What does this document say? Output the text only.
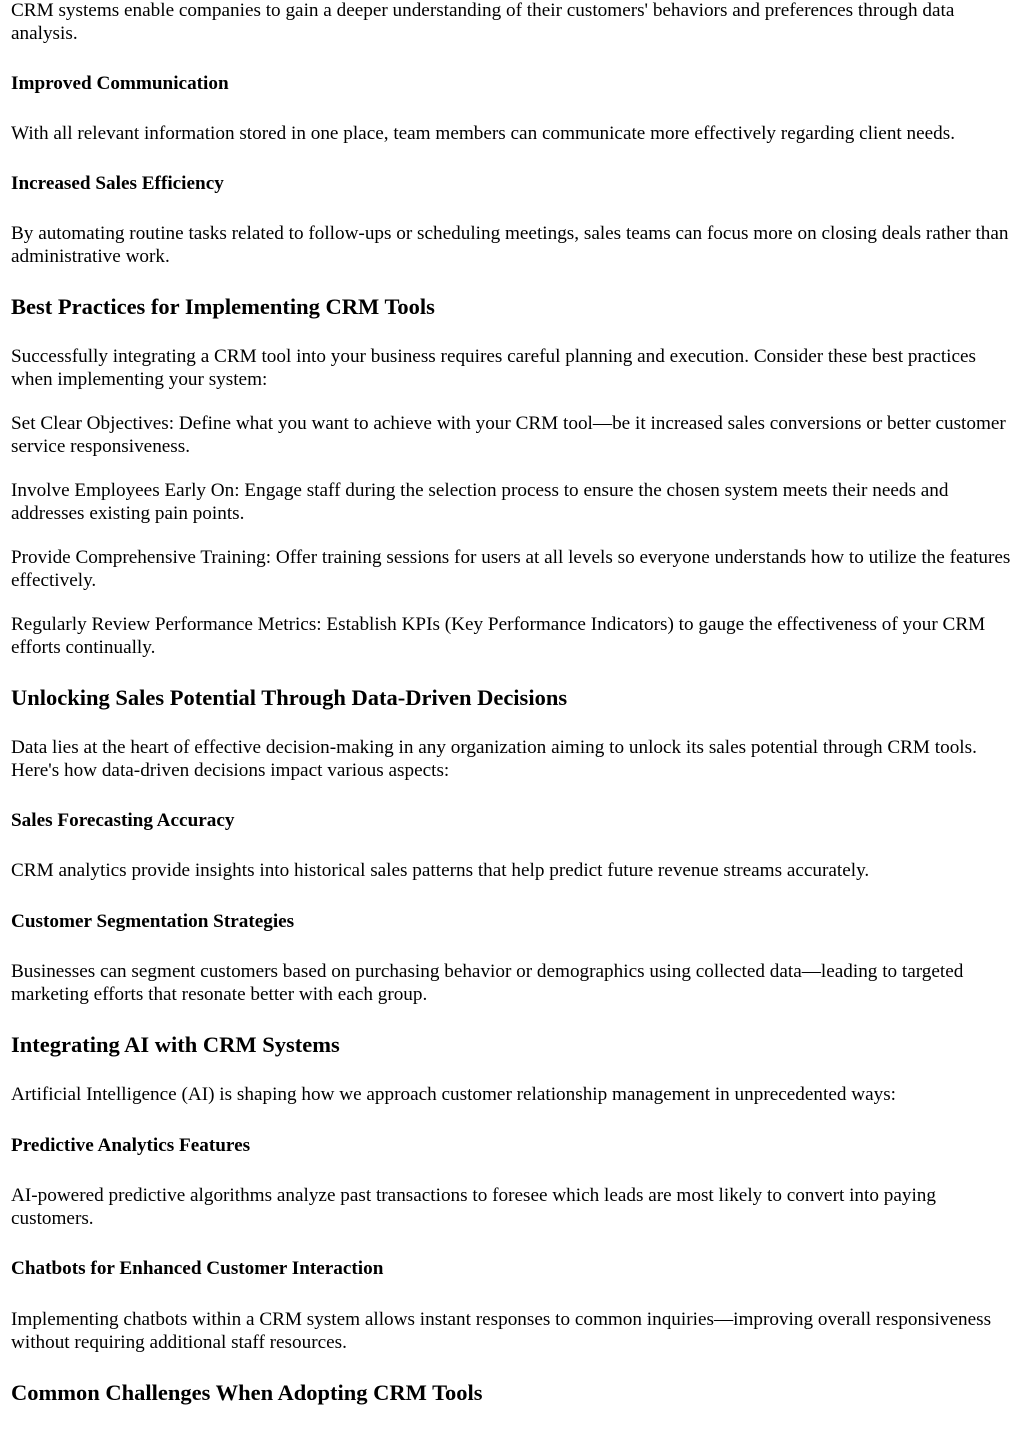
CRM systems enable companies to gain a deeper understanding of their customers' behaviors and preferences through data analysis.

Improved Communication

With all relevant information stored in one place, team members can communicate more effectively regarding client needs.

Increased Sales Efficiency

By automating routine tasks related to follow-ups or scheduling meetings, sales teams can focus more on closing deals rather than administrative work.

Best Practices for Implementing CRM Tools

Successfully integrating a CRM tool into your business requires careful planning and execution. Consider these best practices when implementing your system:

Set Clear Objectives: Define what you want to achieve with your CRM tool—be it increased sales conversions or better customer service responsiveness.

Involve Employees Early On: Engage staff during the selection process to ensure the chosen system meets their needs and addresses existing pain points.

Provide Comprehensive Training: Offer training sessions for users at all levels so everyone understands how to utilize the features effectively.

Regularly Review Performance Metrics: Establish KPIs (Key Performance Indicators) to gauge the effectiveness of your CRM efforts continually.

Unlocking Sales Potential Through Data-Driven Decisions

Data lies at the heart of effective decision-making in any organization aiming to unlock its sales potential through CRM tools. Here's how data-driven decisions impact various aspects:

Sales Forecasting Accuracy

CRM analytics provide insights into historical sales patterns that help predict future revenue streams accurately.

Customer Segmentation Strategies

Businesses can segment customers based on purchasing behavior or demographics using collected data—leading to targeted marketing efforts that resonate better with each group.

Integrating AI with CRM Systems

Artificial Intelligence (AI) is shaping how we approach customer relationship management in unprecedented ways:

Predictive Analytics Features

AI-powered predictive algorithms analyze past transactions to foresee which leads are most likely to convert into paying customers.

Chatbots for Enhanced Customer Interaction

Implementing chatbots within a CRM system allows instant responses to common inquiries—improving overall responsiveness without requiring additional staff resources.

Common Challenges When Adopting CRM Tools
